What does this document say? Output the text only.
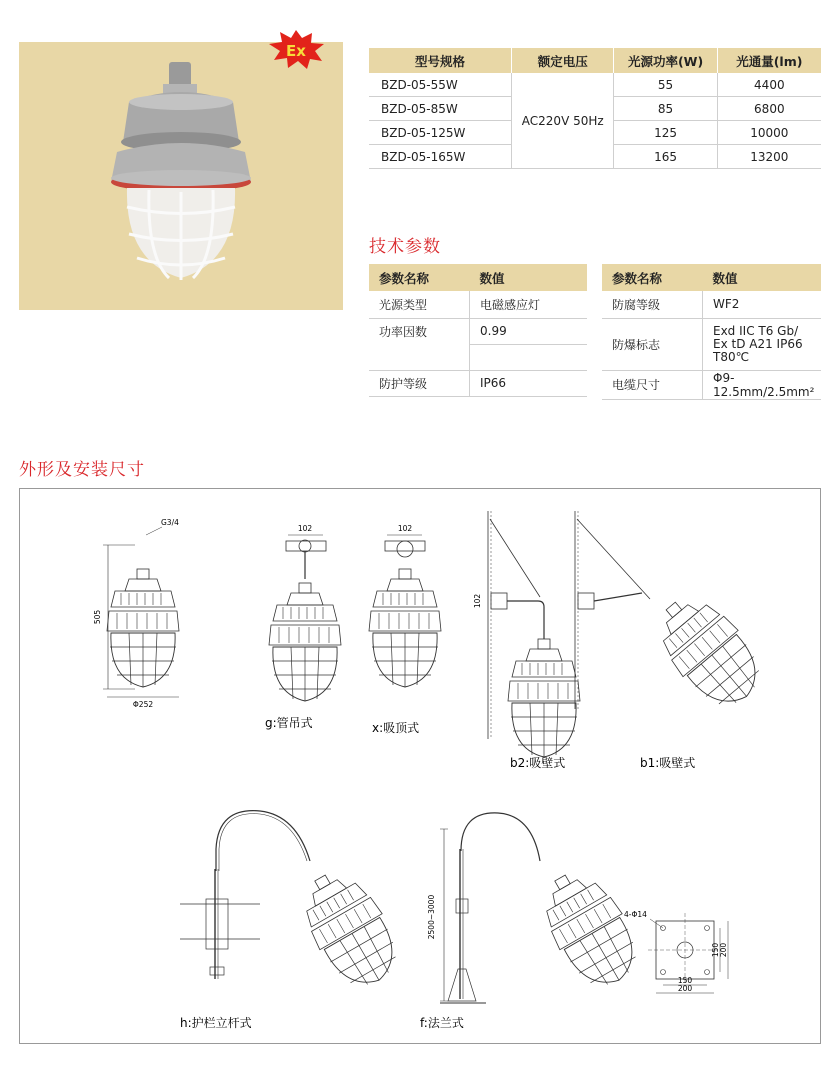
Ex
型号规格	额定电压	光源功率(W)	光通量(lm)
BZD-05-55W	AC220V 50Hz	55	4400
BZD-05-85W		85	6800
BZD-05-125W		125	10000
BZD-05-165W		165	13200
技术参数
参数名称	数值
光源类型	电磁感应灯
功率因数	0.99

防护等级	IP66
参数名称	数值
防腐等级	WF2
防爆标志	Exd IIC T6 Gb/
Ex tD A21 IP66
T80℃

电缆尺寸	Φ9-12.5mm/2.5mm²
外形及安装尺寸
505
Φ252
G3/4
102
g:管吊式
102
x:吸顶式
102
b2:吸壁式	b1:吸壁式
h:护栏立杆式
2500~3000
f:法兰式
4-Φ14
150
200
150 200
